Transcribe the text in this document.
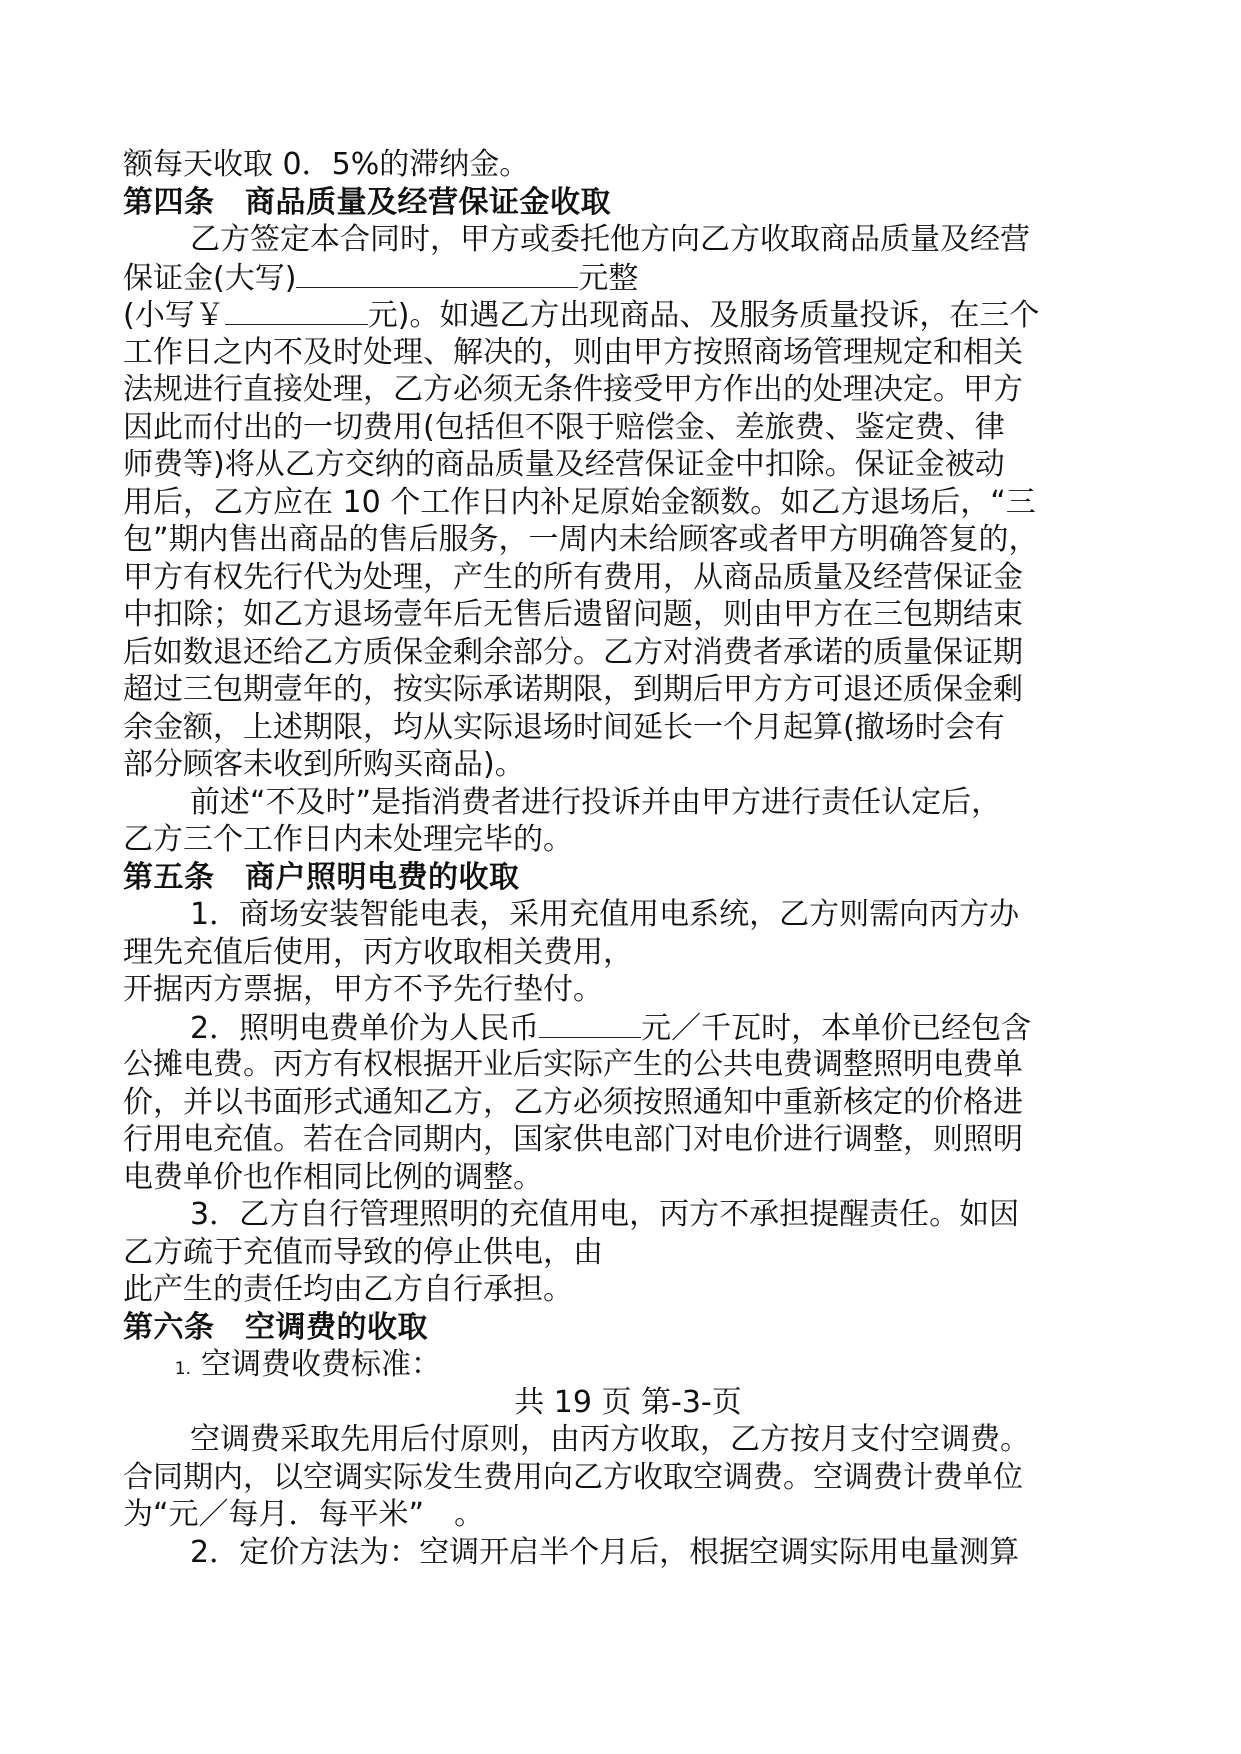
额每天收取 0．5%的滞纳金。

第四条　商品质量及经营保证金收取

乙方签定本合同时，甲方或委托他方向乙方收取商品质量及经营

保证金(大写)	元整

(小写￥	元)。如遇乙方出现商品、及服务质量投诉，在三个

工作日之内不及时处理、解决的，则由甲方按照商场管理规定和相关

法规进行直接处理，乙方必须无条件接受甲方作出的处理决定。甲方

因此而付出的一切费用(包括但不限于赔偿金、差旅费、鉴定费、律

师费等)将从乙方交纳的商品质量及经营保证金中扣除。保证金被动

用后，乙方应在 10 个工作日内补足原始金额数。如乙方退场后，“三

包”期内售出商品的售后服务，一周内未给顾客或者甲方明确答复的，

甲方有权先行代为处理，产生的所有费用，从商品质量及经营保证金

中扣除；如乙方退场壹年后无售后遗留问题，则由甲方在三包期结束

后如数退还给乙方质保金剩余部分。乙方对消费者承诺的质量保证期

超过三包期壹年的，按实际承诺期限，到期后甲方方可退还质保金剩

余金额，上述期限，均从实际退场时间延长一个月起算(撤场时会有

部分顾客未收到所购买商品)。

前述“不及时”是指消费者进行投诉并由甲方进行责任认定后，

乙方三个工作日内未处理完毕的。

第五条　商户照明电费的收取

1．商场安装智能电表，采用充值用电系统，乙方则需向丙方办

理先充值后使用，丙方收取相关费用，

开据丙方票据，甲方不予先行垫付。

2．照明电费单价为人民币	元／千瓦时，本单价已经包含

公摊电费。丙方有权根据开业后实际产生的公共电费调整照明电费单

价，并以书面形式通知乙方，乙方必须按照通知中重新核定的价格进

行用电充值。若在合同期内，国家供电部门对电价进行调整，则照明

电费单价也作相同比例的调整。

3．乙方自行管理照明的充值用电，丙方不承担提醒责任。如因

乙方疏于充值而导致的停止供电，由

此产生的责任均由乙方自行承担。

第六条　空调费的收取

1. 空调费收费标准：

共 19 页 第-3-页

空调费采取先用后付原则，由丙方收取，乙方按月支付空调费。

合同期内，以空调实际发生费用向乙方收取空调费。空调费计费单位

为“元／每月．每平米”　。

2．定价方法为：空调开启半个月后，根据空调实际用电量测算
